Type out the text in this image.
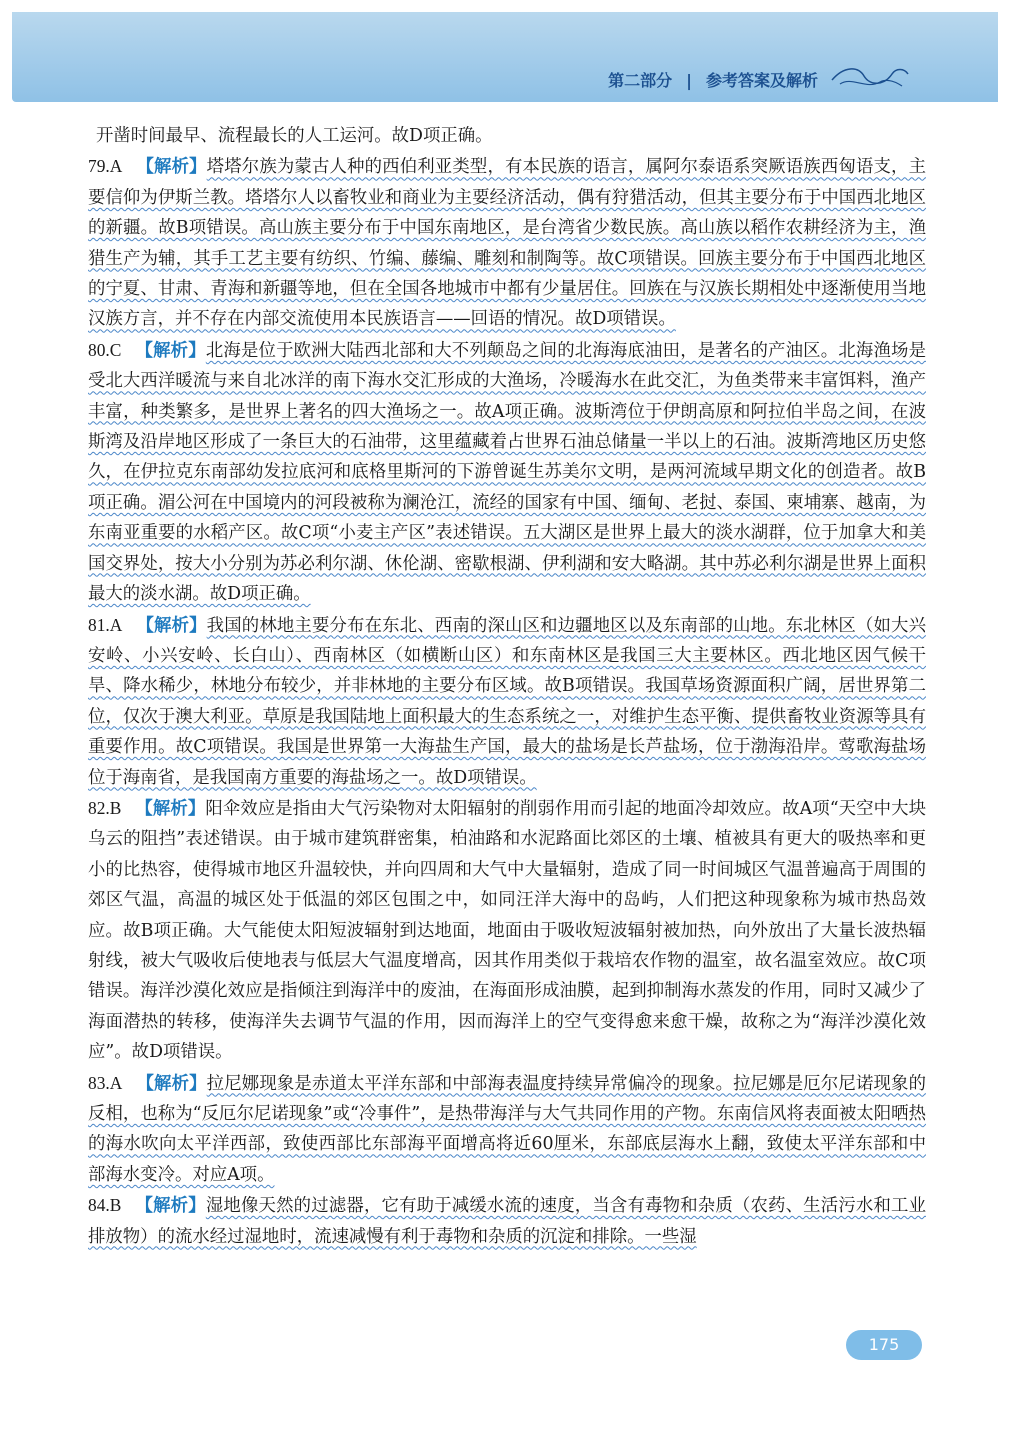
第二部分 | 参考答案及解析

开凿时间最早、流程最长的人工运河。故D项正确。

79.A 【解析】塔塔尔族为蒙古人种的西伯利亚类型，有本民族的语言，属阿尔泰语系突厥语族西匈语支，主要信仰为伊斯兰教。塔塔尔人以畜牧业和商业为主要经济活动，偶有狩猎活动，但其主要分布于中国西北地区的新疆。故B项错误。高山族主要分布于中国东南地区，是台湾省少数民族。高山族以稻作农耕经济为主，渔猎生产为辅，其手工艺主要有纺织、竹编、藤编、雕刻和制陶等。故C项错误。回族主要分布于中国西北地区的宁夏、甘肃、青海和新疆等地，但在全国各地城市中都有少量居住。回族在与汉族长期相处中逐渐使用当地汉族方言，并不存在内部交流使用本民族语言——回语的情况。故D项错误。

80.C 【解析】北海是位于欧洲大陆西北部和大不列颠岛之间的北海海底油田，是著名的产油区。北海渔场是受北大西洋暖流与来自北冰洋的南下海水交汇形成的大渔场，冷暖海水在此交汇，为鱼类带来丰富饵料，渔产丰富，种类繁多，是世界上著名的四大渔场之一。故A项正确。波斯湾位于伊朗高原和阿拉伯半岛之间，在波斯湾及沿岸地区形成了一条巨大的石油带，这里蕴藏着占世界石油总储量一半以上的石油。波斯湾地区历史悠久，在伊拉克东南部幼发拉底河和底格里斯河的下游曾诞生苏美尔文明，是两河流域早期文化的创造者。故B项正确。湄公河在中国境内的河段被称为澜沧江，流经的国家有中国、缅甸、老挝、泰国、柬埔寨、越南，为东南亚重要的水稻产区。故C项“小麦主产区”表述错误。五大湖区是世界上最大的淡水湖群，位于加拿大和美国交界处，按大小分别为苏必利尔湖、休伦湖、密歇根湖、伊利湖和安大略湖。其中苏必利尔湖是世界上面积最大的淡水湖。故D项正确。

81.A 【解析】我国的林地主要分布在东北、西南的深山区和边疆地区以及东南部的山地。东北林区（如大兴安岭、小兴安岭、长白山）、西南林区（如横断山区）和东南林区是我国三大主要林区。西北地区因气候干旱、降水稀少，林地分布较少，并非林地的主要分布区域。故B项错误。我国草场资源面积广阔，居世界第二位，仅次于澳大利亚。草原是我国陆地上面积最大的生态系统之一，对维护生态平衡、提供畜牧业资源等具有重要作用。故C项错误。我国是世界第一大海盐生产国，最大的盐场是长芦盐场，位于渤海沿岸。莺歌海盐场位于海南省，是我国南方重要的海盐场之一。故D项错误。

82.B 【解析】阳伞效应是指由大气污染物对太阳辐射的削弱作用而引起的地面冷却效应。故A项“天空中大块乌云的阻挡”表述错误。由于城市建筑群密集，柏油路和水泥路面比郊区的土壤、植被具有更大的吸热率和更小的比热容，使得城市地区升温较快，并向四周和大气中大量辐射，造成了同一时间城区气温普遍高于周围的郊区气温，高温的城区处于低温的郊区包围之中，如同汪洋大海中的岛屿，人们把这种现象称为城市热岛效应。故B项正确。大气能使太阳短波辐射到达地面，地面由于吸收短波辐射被加热，向外放出了大量长波热辐射线，被大气吸收后使地表与低层大气温度增高，因其作用类似于栽培农作物的温室，故名温室效应。故C项错误。海洋沙漠化效应是指倾注到海洋中的废油，在海面形成油膜，起到抑制海水蒸发的作用，同时又减少了海面潜热的转移，使海洋失去调节气温的作用，因而海洋上的空气变得愈来愈干燥，故称之为“海洋沙漠化效应”。故D项错误。

83.A 【解析】拉尼娜现象是赤道太平洋东部和中部海表温度持续异常偏冷的现象。拉尼娜是厄尔尼诺现象的反相，也称为“反厄尔尼诺现象”或“冷事件”，是热带海洋与大气共同作用的产物。东南信风将表面被太阳晒热的海水吹向太平洋西部，致使西部比东部海平面增高将近60厘米，东部底层海水上翻，致使太平洋东部和中部海水变冷。对应A项。

84.B 【解析】湿地像天然的过滤器，它有助于减缓水流的速度，当含有毒物和杂质（农药、生活污水和工业排放物）的流水经过湿地时，流速减慢有利于毒物和杂质的沉淀和排除。一些湿

175
